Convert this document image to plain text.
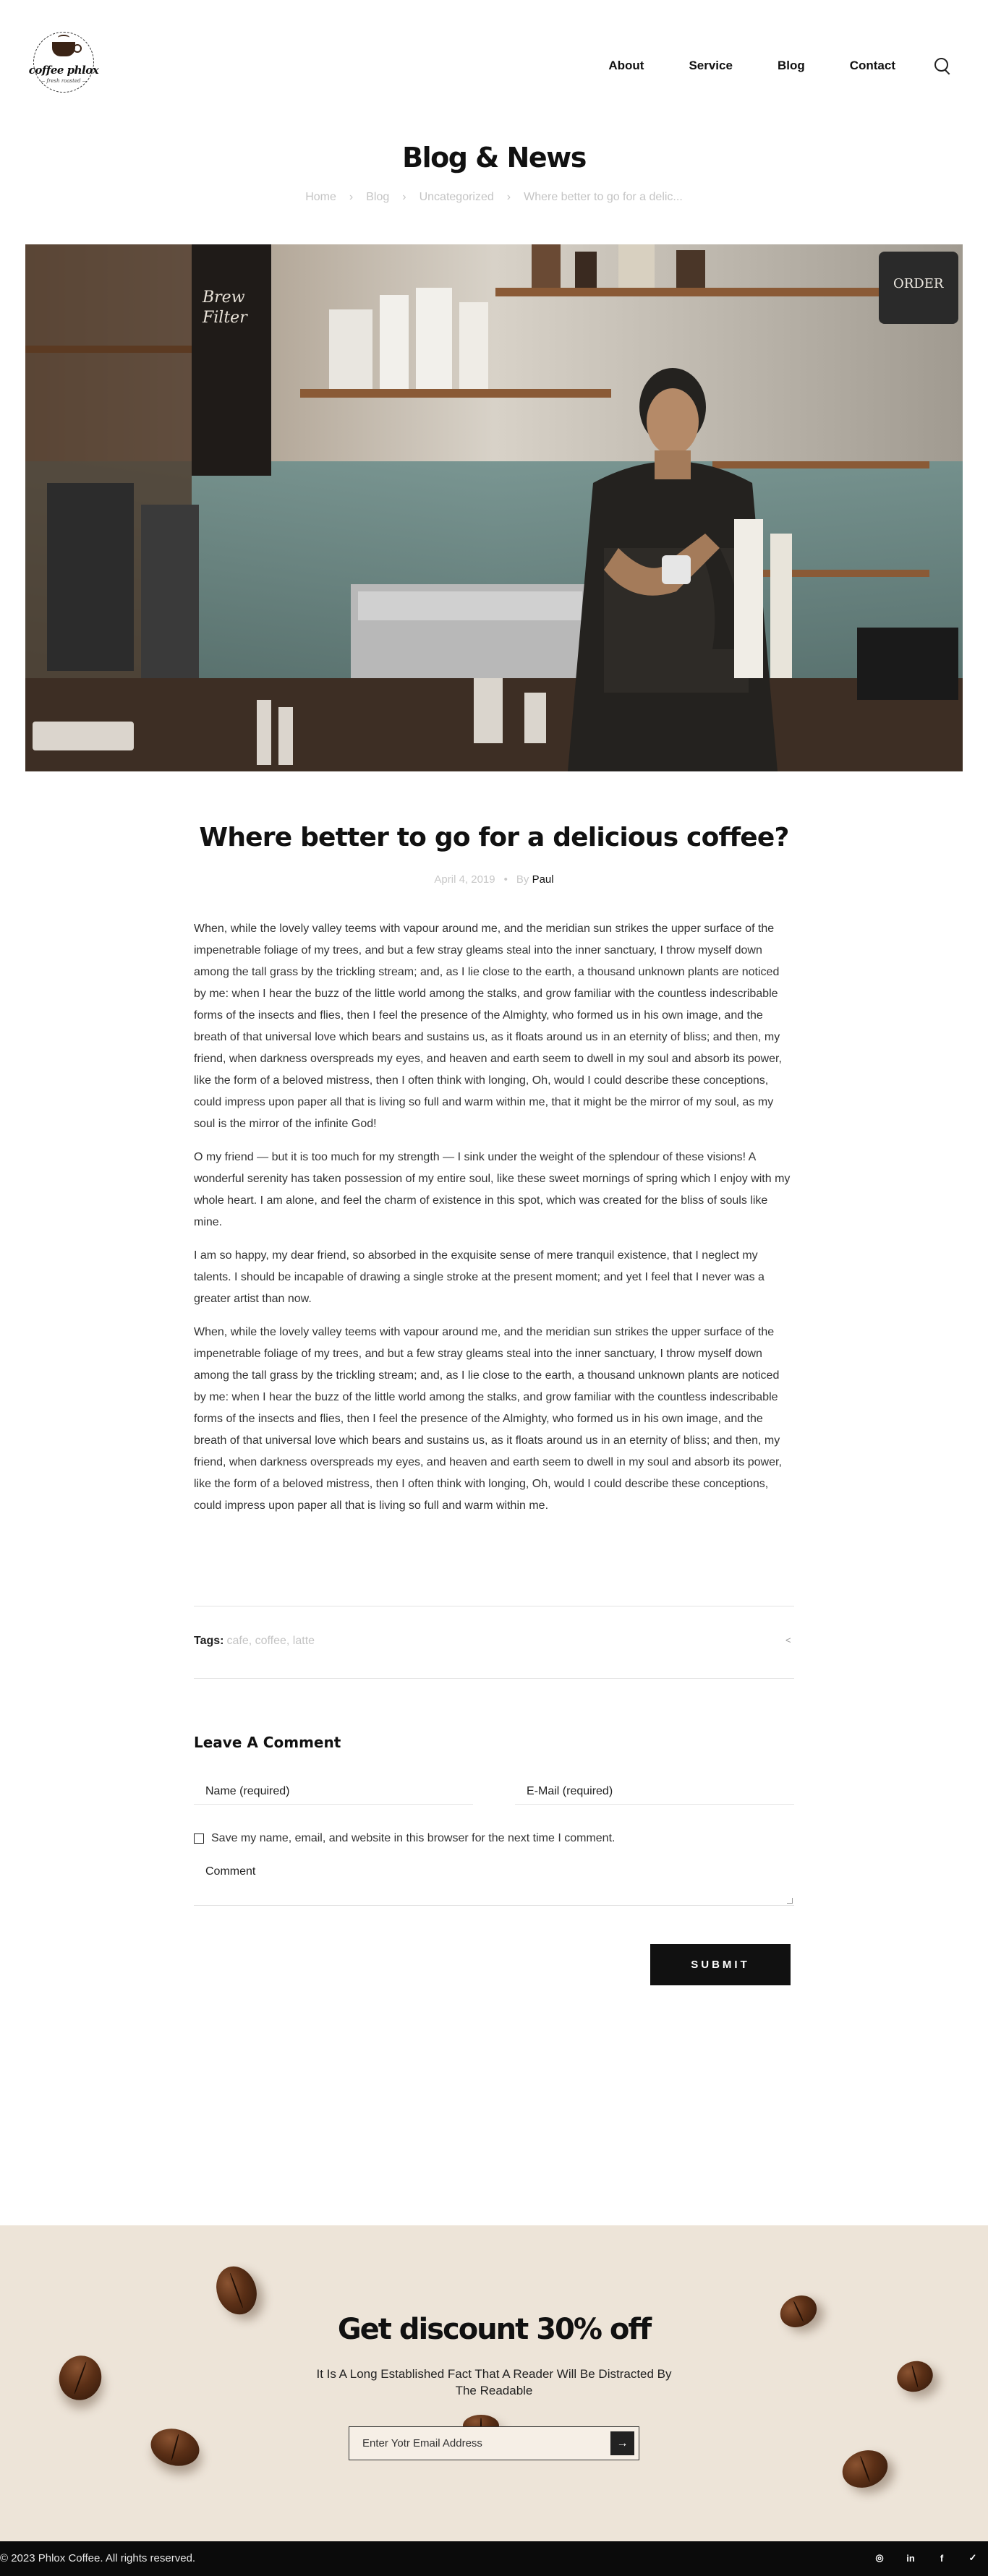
coffee phlox
— fresh roasted —
About	Service	Blog	Contact
Blog & News
Home › Blog › Uncategorized › Where better to go for a delic...
Brew
Filter
ORDER
Where better to go for a delicious coffee?
April 4, 2019 • By Paul

When, while the lovely valley teems with vapour around me, and the meridian sun strikes the upper surface of the impenetrable foliage of my trees, and but a few stray gleams steal into the inner sanctuary, I throw myself down among the tall grass by the trickling stream; and, as I lie close to the earth, a thousand unknown plants are noticed by me: when I hear the buzz of the little world among the stalks, and grow familiar with the countless indescribable forms of the insects and flies, then I feel the presence of the Almighty, who formed us in his own image, and the breath of that universal love which bears and sustains us, as it floats around us in an eternity of bliss; and then, my friend, when darkness overspreads my eyes, and heaven and earth seem to dwell in my soul and absorb its power, like the form of a beloved mistress, then I often think with longing, Oh, would I could describe these conceptions, could impress upon paper all that is living so full and warm within me, that it might be the mirror of my soul, as my soul is the mirror of the infinite God!

O my friend — but it is too much for my strength — I sink under the weight of the splendour of these visions! A wonderful serenity has taken possession of my entire soul, like these sweet mornings of spring which I enjoy with my whole heart. I am alone, and feel the charm of existence in this spot, which was created for the bliss of souls like mine.

I am so happy, my dear friend, so absorbed in the exquisite sense of mere tranquil existence, that I neglect my talents. I should be incapable of drawing a single stroke at the present moment; and yet I feel that I never was a greater artist than now.

When, while the lovely valley teems with vapour around me, and the meridian sun strikes the upper surface of the impenetrable foliage of my trees, and but a few stray gleams steal into the inner sanctuary, I throw myself down among the tall grass by the trickling stream; and, as I lie close to the earth, a thousand unknown plants are noticed by me: when I hear the buzz of the little world among the stalks, and grow familiar with the countless indescribable forms of the insects and flies, then I feel the presence of the Almighty, who formed us in his own image, and the breath of that universal love which bears and sustains us, as it floats around us in an eternity of bliss; and then, my friend, when darkness overspreads my eyes, and heaven and earth seem to dwell in my soul and absorb its power, like the form of a beloved mistress, then I often think with longing, Oh, would I could describe these conceptions, could impress upon paper all that is living so full and warm within me.

Tags: cafe, coffee, latte
<
Leave A Comment
Name (required)
E-Mail (required)
Save my name, email, and website in this browser for the next time I comment.
Comment
SUBMIT
Get discount 30% off

It Is A Long Established Fact That A Reader Will Be Distracted By The Readable

Enter Yotr Email Address
→
© 2023 Phlox Coffee. All rights reserved.	◎ in	f	✓
